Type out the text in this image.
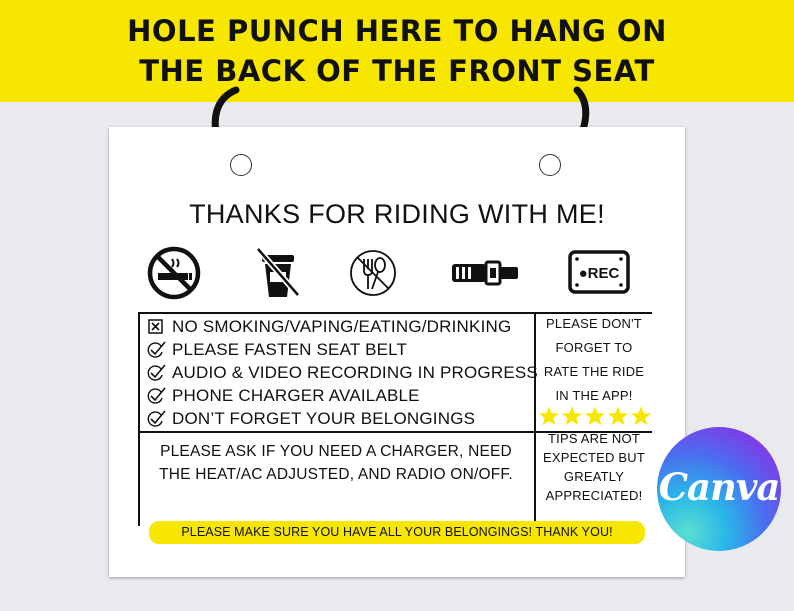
HOLE PUNCH HERE TO HANG ON
THE BACK OF THE FRONT SEAT
THANKS FOR RIDING WITH ME!
●REC
NO SMOKING/VAPING/EATING/DRINKING
PLEASE FASTEN SEAT BELT
AUDIO & VIDEO RECORDING IN PROGRESS
PHONE CHARGER AVAILABLE
DON’T FORGET YOUR BELONGINGS
PLEASE ASK IF YOU NEED A CHARGER, NEED
THE HEAT/AC ADJUSTED, AND RADIO ON/OFF.
PLEASE DON'T
FORGET TO
RATE THE RIDE
IN THE APP!
TIPS ARE NOT
EXPECTED BUT
GREATLY
APPRECIATED!
PLEASE MAKE SURE YOU HAVE ALL YOUR BELONGINGS! THANK YOU!
Canva
